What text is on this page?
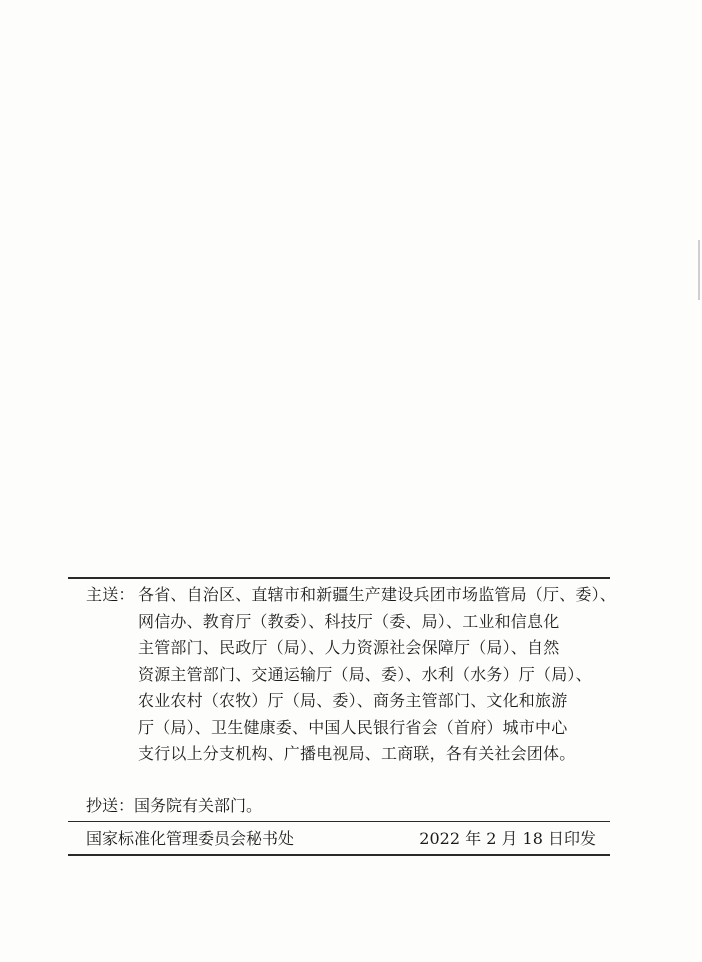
主送： 各省、自治区、直辖市和新疆生产建设兵团市场监管局（厅、委）、
网信办、教育厅（教委）、科技厅（委、局）、工业和信息化
主管部门、民政厅（局）、人力资源社会保障厅（局）、自然
资源主管部门、交通运输厅（局、委）、水利（水务）厅（局）、
农业农村（农牧）厅（局、委）、商务主管部门、文化和旅游
厅（局）、卫生健康委、中国人民银行省会（首府）城市中心
支行以上分支机构、广播电视局、工商联，各有关社会团体。
抄送： 国务院有关部门。
国家标准化管理委员会秘书处	2022 年 2 月 18 日印发
